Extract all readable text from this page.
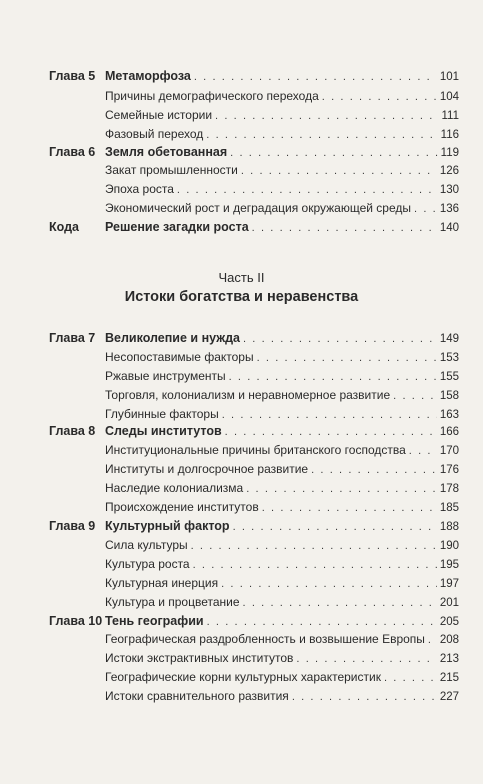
Глава 5 Метаморфоза . . .	101
Причины демографического перехода . . .	104
Семейные истории . . .	111
Фазовый переход . . .	116
Глава 6 Земля обетованная . . .	119
Закат промышленности . . .	126
Эпоха роста . . .	130
Экономический рост и деградация окружающей среды . . .	136
Кода	Решение загадки роста . . .	140
Часть II
Истоки богатства и неравенства
Глава 7 Великолепие и нужда . . .	149
Несопоставимые факторы . . .	153
Ржавые инструменты . . .	155
Торговля, колониализм и неравномерное развитие . . .	158
Глубинные факторы . . .	163
Глава 8 Следы институтов . . .	166
Институциональные причины британского господства . . .	170
Институты и долгосрочное развитие . . .	176
Наследие колониализма . . .	178
Происхождение институтов . . .	185
Глава 9 Культурный фактор . . .	188
Сила культуры . . .	190
Культура роста . . .	195
Культурная инерция . . .	197
Культура и процветание . . .	201
Глава 10 Тень географии . . .	205
Географическая раздробленность и возвышение Европы . . . 208
Истоки экстрактивных институтов . . .	213
Географические корни культурных характеристик . . .	215
Истоки сравнительного развития . . .	227
